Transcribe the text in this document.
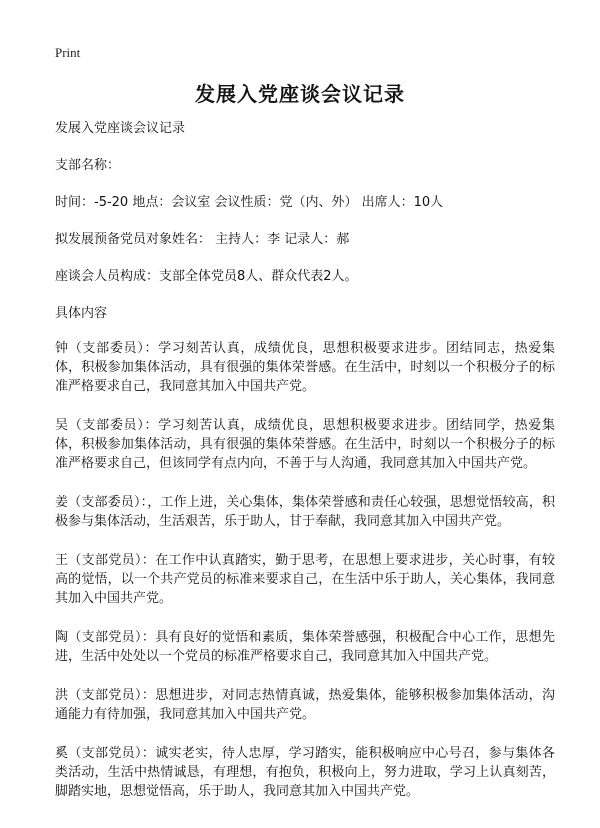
Print
发展入党座谈会议记录
发展入党座谈会议记录
支部名称：
时间：-5-20 地点：会议室 会议性质：党（内、外） 出席人：10人
拟发展预备党员对象姓名： 主持人：李 记录人：郝
座谈会人员构成：支部全体党员8人、群众代表2人。
具体内容

钟（支部委员）：学习刻苦认真，成绩优良，思想积极要求进步。团结同志，热爱集体，积极参加集体活动，具有很强的集体荣誉感。在生活中，时刻以一个积极分子的标准严格要求自己，我同意其加入中国共产党。

吴（支部委员）：学习刻苦认真，成绩优良，思想积极要求进步。团结同学，热爱集体，积极参加集体活动，具有很强的集体荣誉感。在生活中，时刻以一个积极分子的标准严格要求自己，但该同学有点内向，不善于与人沟通，我同意其加入中国共产党。

姜（支部委员）：，工作上进，关心集体，集体荣誉感和责任心较强，思想觉悟较高，积极参与集体活动，生活艰苦，乐于助人，甘于奉献，我同意其加入中国共产党。

王（支部党员）：在工作中认真踏实，勤于思考，在思想上要求进步，关心时事，有较高的觉悟，以一个共产党员的标准来要求自己，在生活中乐于助人，关心集体，我同意其加入中国共产党。

陶（支部党员）：具有良好的觉悟和素质，集体荣誉感强，积极配合中心工作，思想先进，生活中处处以一个党员的标准严格要求自己，我同意其加入中国共产党。

洪（支部党员）：思想进步，对同志热情真诚，热爱集体，能够积极参加集体活动，沟通能力有待加强，我同意其加入中国共产党。

奚（支部党员）：诚实老实，待人忠厚，学习踏实，能积极响应中心号召，参与集体各类活动，生活中热情诚恳，有理想，有抱负，积极向上，努力进取，学习上认真刻苦，脚踏实地，思想觉悟高，乐于助人，我同意其加入中国共产党。
